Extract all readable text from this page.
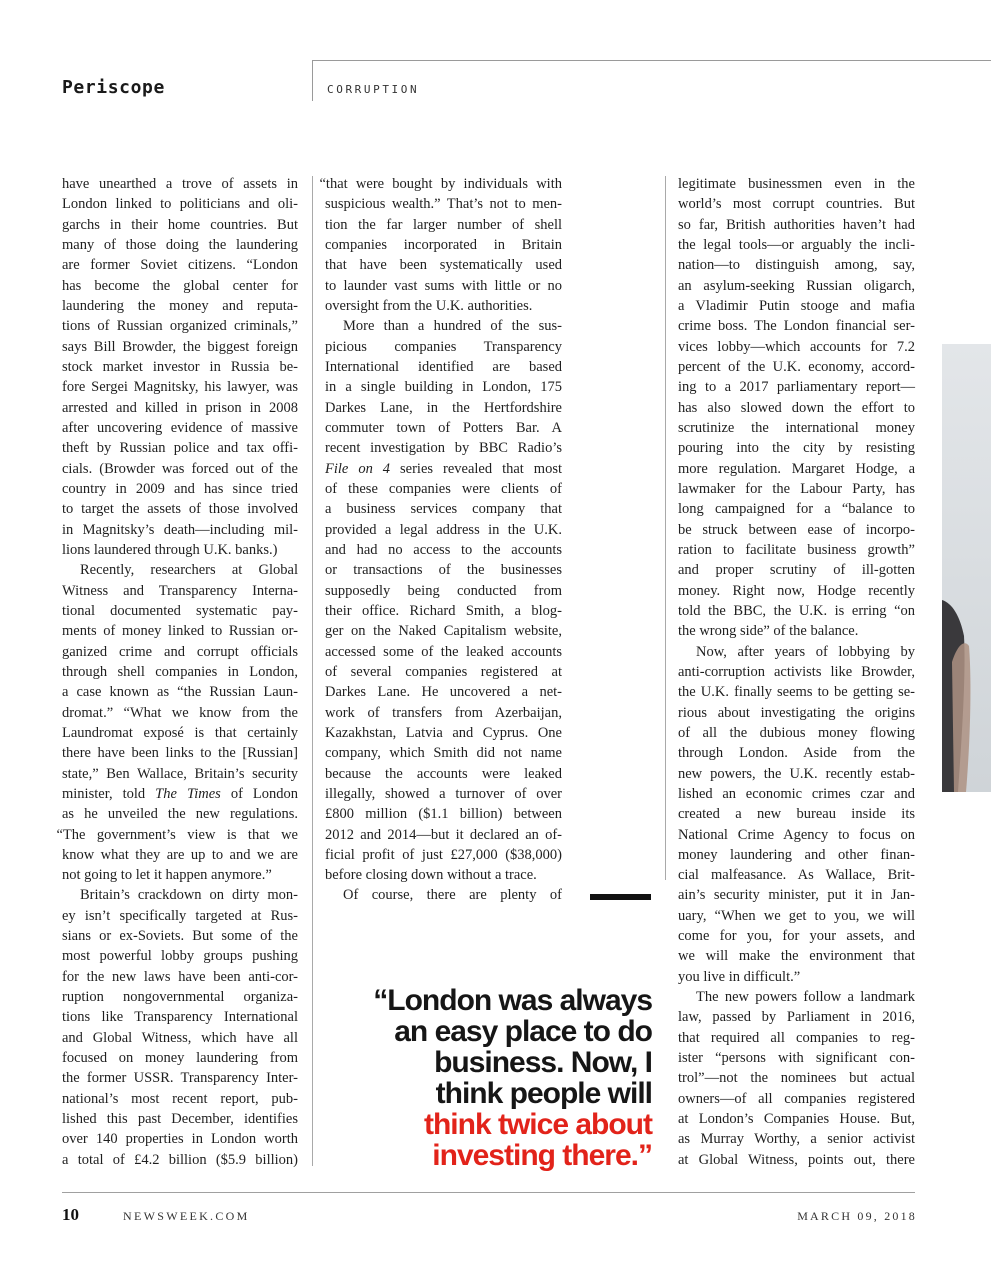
Periscope	CORRUPTION
have unearthed a trove of assets in
London linked to politicians and oli-
garchs in their home countries. But
many of those doing the laundering
are former Soviet citizens. “London
has become the global center for
laundering the money and reputa-
tions of Russian organized criminals,”
says Bill Browder, the biggest foreign
stock market investor in Russia be-
fore Sergei Magnitsky, his lawyer, was
arrested and killed in prison in 2008
after uncovering evidence of massive
theft by Russian police and tax offi-
cials. (Browder was forced out of the
country in 2009 and has since tried
to target the assets of those involved
in Magnitsky’s death—including mil-
lions laundered through U.K. banks.)
Recently, researchers at Global
Witness and Transparency Interna-
tional documented systematic pay-
ments of money linked to Russian or-
ganized crime and corrupt officials
through shell companies in London,
a case known as “the Russian Laun-
dromat.” “What we know from the
Laundromat exposé is that certainly
there have been links to the [Russian]
state,” Ben Wallace, Britain’s security
minister, told The Times of London
as he unveiled the new regulations.
“The government’s view is that we
know what they are up to and we are
not going to let it happen anymore.”
Britain’s crackdown on dirty mon-
ey isn’t specifically targeted at Rus-
sians or ex-Soviets. But some of the
most powerful lobby groups pushing
for the new laws have been anti-cor-
ruption nongovernmental organiza-
tions like Transparency International
and Global Witness, which have all
focused on money laundering from
the former USSR. Transparency Inter-
national’s most recent report, pub-
lished this past December, identifies
over 140 properties in London worth
a total of £4.2 billion ($5.9 billion)
“that were bought by individuals with
suspicious wealth.” That’s not to men-
tion the far larger number of shell
companies incorporated in Britain
that have been systematically used
to launder vast sums with little or no
oversight from the U.K. authorities.
More than a hundred of the sus-
picious companies Transparency
International identified are based
in a single building in London, 175
Darkes Lane, in the Hertfordshire
commuter town of Potters Bar. A
recent investigation by BBC Radio’s
File on 4 series revealed that most
of these companies were clients of
a business services company that
provided a legal address in the U.K.
and had no access to the accounts
or transactions of the businesses
supposedly being conducted from
their office. Richard Smith, a blog-
ger on the Naked Capitalism website,
accessed some of the leaked accounts
of several companies registered at
Darkes Lane. He uncovered a net-
work of transfers from Azerbaijan,
Kazakhstan, Latvia and Cyprus. One
company, which Smith did not name
because the accounts were leaked
illegally, showed a turnover of over
£800 million ($1.1 billion) between
2012 and 2014—but it declared an of-
ficial profit of just £27,000 ($38,000)
before closing down without a trace.
Of course, there are plenty of
legitimate businessmen even in the
world’s most corrupt countries. But
so far, British authorities haven’t had
the legal tools—or arguably the incli-
nation—to distinguish among, say,
an asylum-seeking Russian oligarch,
a Vladimir Putin stooge and mafia
crime boss. The London financial ser-
vices lobby—which accounts for 7.2
percent of the U.K. economy, accord-
ing to a 2017 parliamentary report—
has also slowed down the effort to
scrutinize the international money
pouring into the city by resisting
more regulation. Margaret Hodge, a
lawmaker for the Labour Party, has
long campaigned for a “balance to
be struck between ease of incorpo-
ration to facilitate business growth”
and proper scrutiny of ill-gotten
money. Right now, Hodge recently
told the BBC, the U.K. is erring “on
the wrong side” of the balance.
Now, after years of lobbying by
anti-corruption activists like Browder,
the U.K. finally seems to be getting se-
rious about investigating the origins
of all the dubious money flowing
through London. Aside from the
new powers, the U.K. recently estab-
lished an economic crimes czar and
created a new bureau inside its
National Crime Agency to focus on
money laundering and other finan-
cial malfeasance. As Wallace, Brit-
ain’s security minister, put it in Jan-
uary, “When we get to you, we will
come for you, for your assets, and
we will make the environment that
you live in difficult.”
The new powers follow a landmark
law, passed by Parliament in 2016,
that required all companies to reg-
ister “persons with significant con-
trol”—not the nominees but actual
owners—of all companies registered
at London’s Companies House. But,
as Murray Worthy, a senior activist
at Global Witness, points out, there
“London was always
an easy place to do
business. Now, I
think people will
think twice about
investing there.”
10	NEWSWEEK.COM	MARCH 09, 2018
